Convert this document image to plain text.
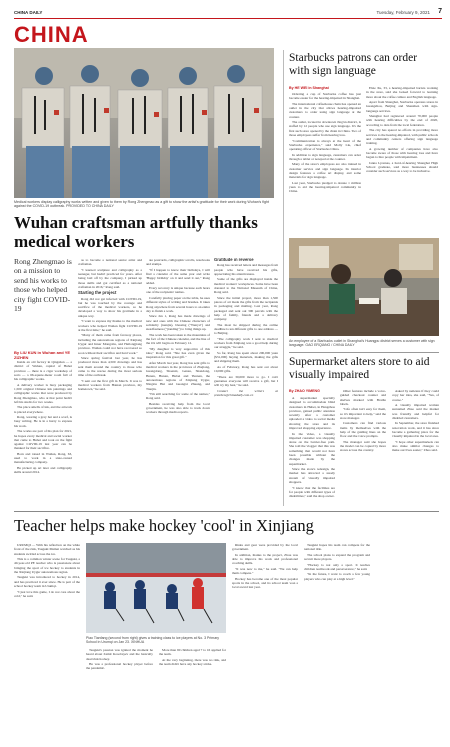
CHINA DAILY	Tuesday, February 9, 2021 7
CHINA
Medical workers display calligraphy works written and given to them by Rong Zhengmao as a gift to show the artist's gratitude for their work during Wuhan's fight against the COVID-19 outbreak. PROVIDED TO CHINA DAILY
Wuhan craftsman artfully thanks medical workers
Rong Zhengmao is on a mission to send his works to those who helped city fight COVID-19
By LIU KUN in Wuhan and YE ZIZHEN

Inside an old factory in Qingshan — a district of Wuhan, capital of Hubei province — there is a cigar workshop of sorts — a 66-square-meter room full of his calligraphic works.

A delivery worker is busy packaging 1,500 original Chinese ink paintings and calligraphic works that were produced by Rong Zhengmao, who at that point hadn't left his studio for two weeks.

The place smells of ink, and the artwork is placed everywhere.

Rong, wearing a gray hat and a scarf, is busy writing. He is in a hurry to express his work.

The works are part of his plan for 2021, he hopes every medical and social worker that came to Hubei and took on the fight against COVID-19 last year can be thanked for their sacrifice.

Born and raised in Wuhan, Rong, 63, used to work in a state-owned manufacturing company.

He picked up art later and calligraphy skills around 2014.

as to become a national senior artist and craftsman.

"I learned sculpture and calligraphy as a teenager, but hadn't practiced for years. After being laid off by the company, I picked up those skills and got certified as a national craftsman in 2016," Rong said.

Starting the project

Rong did not get infected with COVID-19, but he was touched by the courage and sacrifice of the medical workers, so he developed a way to show his gratitude in a unique way.

"I want to express my thanks to the medical workers who helped Wuhan fight COVID-19 at the first time," he said.

"Many of them came from faraway places, including the autonomous regions of Xinjiang Uygur and Inner Mongolia, and Heilongjiang province. Wuhan could not have recovered so soon without their sacrifice and hard work."

Since spring festival last year, he has produced more than 4,500 drawings and has sent them around the country to those who came to the rescue during the most serious time of the outbreak.

"I sent out the first gift in March. It was to medical workers from Hainan province, my hometown," he said.

ate postcards, calligraphic scrolls, notebooks and stamps.

"If I happen to know their birthdays, I will find a calendar of the same year and write 'Happy birthday' on it and send it out," Rong added.

Every recovery is unique because each bears one of the recipients' names.

Carefully placing paper on the table, he uses different styles of writing and brushes. It takes Rong anywhere from several hours to an entire day to finish a work.

Since Jan 1, Rong has made drawings of new and ones with the Chinese characters of solidarity (tuanjie), blessing ("Wenyu") and steadfastness ("jianding") to bring things up.

The work has been taken to the mountains of the fact of the Chinese calendar, and the line of the Ox will begin on February 12.

"My daughter is very supportive of this idea," Rong said. "She has even given me inspiration for this great gift."

After March last year, Rong has sent gifts to medical workers in the provinces of Zhejiang, Guangdong, Shaanxi, Gansu, Shandong, Henan, Hunan, Hubei and Yunnan, the autonomous regions of Xinjiang Uygur, Ningxia Hui and Guangxi Zhuang, and Tianjin.

"I'm still searching for some of the names," Rong said.

Besides receiving help from the local government, he was also able to track down workers through media reports.

Gratitude in reverse

Rong has received letters and messages from people who have received his gifts, appreciating his attentiveness.

Some of the gifts are displayed inside the medical workers' workplaces. Some have been donated to the National Museum of China, Rong said.

Since the initial project, more than 1,500 pieces of art made the gifts from the recipients in packaging and mailing. Last year, Rong packaged and sent out 300 parcels with the help of family, friends and a delivery company.

The most he shipped during the online deadline is ten different gifts to one address — to Beijing.

"The calligraphy work I sent to medical workers from Xinjiang was a good help during our struggle," he said.

So far, Rong has spent about 200,000 yuan ($31,000) buying materials, making the gifts and shipping them.

As of February, Rong has sent out about 10,000 gifts.

"There are 30,000 more to go. I can't guarantee everyone will receive a gift, but I will try my best," he said.

Contact the writers at yezizhen@chinadaily.com.cn

Starbucks patrons can order with sign language
By HE WEI in Shanghai

Ordering a cup of Starbucks coffee has just become easier for the hearing-impaired in Shanghai.

The international coffeehouse chain has opened an outlet in the city that allows hearing-impaired customers to order using sign language at the counter.

The outlet, located in downtown Jing'an district, is staffed by 12 people who use sign language. It's the first such store opened by the chain in China. Two of those employees suffer from hearing loss.

"Communication is always at the heart of the Starbucks experience," said Molly Liu, chief operating officer of Starbucks China.

In addition to sign language, customers can order through a tablet or notepad at the counter.

Many of the store's employees are also trained in customer service and sign language. Its interior design features a coffee art display, and some materials for sign language.

Last year, Starbucks pledged to donate 1 million yuan to aid the hearing-impaired community in China.

Elsie Xu, 33, a hearing-impaired barista working in the store, said she looked forward to learning more about the coffee culture and English language.

Apart from Shanghai, Starbucks operates stores in Guangzhou, Beijing and Shenzhen with sign-language services.

Shanghai had registered around 70,000 people with hearing difficulties by the end of 2020, according to data from the local federation.

The city has spared no efforts in providing more services to the hearing-impaired, with public schools and community centers offering sign language training.

A growing number of companies have also become aware of those with hearing loss and have begun to hire people with impairment.

Janna Lyonnas, a hard-of-hearing Shanghai High School graduate, said more businesses should consider such services as a way to be inclusive.

An employee of a Starbucks outlet in Shanghai's Huangpu district serves a customer with sign language. GAO ERQIANG / CHINA DAILY
Supermarket alters store to aid visually impaired
By ZHAO YIMENG

A supermarket specially designed to accommodate blind customers in Hubei, in Hangzhou province, gained public attention recently after a customer uploaded a video to social media showing the store and its improved shopping experience.

In the video, a visually impaired customer was shopping alone on the barrier-free path. She told the vlogger that this was something that would not have been possible without the changes made by the supermarket.

Since the store's redesign, the market has attracted a steady stream of visually impaired shoppers.

"I know that the facilities are for people with different types of disabilities," said the shop owner.

Other features include a voice-guided checkout counter and shelves marked with Braille labels.

"Life often isn't easy for them, so it's important to help," said the store manager.

Customers can find various items by themselves with the help of the guiding lines on the floor and the voice prompts.

The manager said she hopes the model can be copied by more stores across the country.

Asked by netizens if they could copy her idea, she said, "Yes, of course."

A visually impaired woman surnamed Zhao said the market was friendly and helpful for disabled customers.

In September, the store finished renovation work, and it has since become a gathering place for the visually impaired in the local area.

"I hope other supermarkets can also make similar changes to make our lives easier," Zhao said.

Teacher helps make hockey 'cool' in Xinjiang

URUMQI — With his reflection on the white front of the rink, Tsuguki Mamat watched as his students swirled across the ice.

This is a common winter scene for Tsuguki, a 40-year-old PE teacher who is passionate about bringing the sport of ice hockey to students in the Xinjiang Uygur autonomous region.

Tsuguki was introduced to hockey in 2014, and has practiced it ever since. He is part of the school hockey team in Urumqi.

"I just love this game, I do not care about the cold," he said.

Piao Tianfang (second from right) gives a training class to ice players at No. 3 Primary School in Urumqi on Jan 23. XINHUA

Tsuguki's passion was ignited the moment he heard about Zamir Kosobayev and the basically dead rink hockey.

He was a professional hockey player before the pandemic.

More than 90 children aged 7 to 16 applied for the team.

At the very beginning, there was no rink, and the team didn't have any hockey sticks.

Rinks and gear were provided by the local government.

In addition, thanks to the project, Zhou was able to improve his work and professional coaching skills.

"It was new to me," he said. "We can help them compete."

Hockey has become one of the most popular sports in the school, and its school team won a local award last year.

Tsuguki hopes his team can compete for the national title.

The school plans to expand the program and recruit more players.

"Hockey is not only a sport. It teaches children teamwork and perseverance," he said.

"In the future, I want to coach a few young players who can play at a high level."
